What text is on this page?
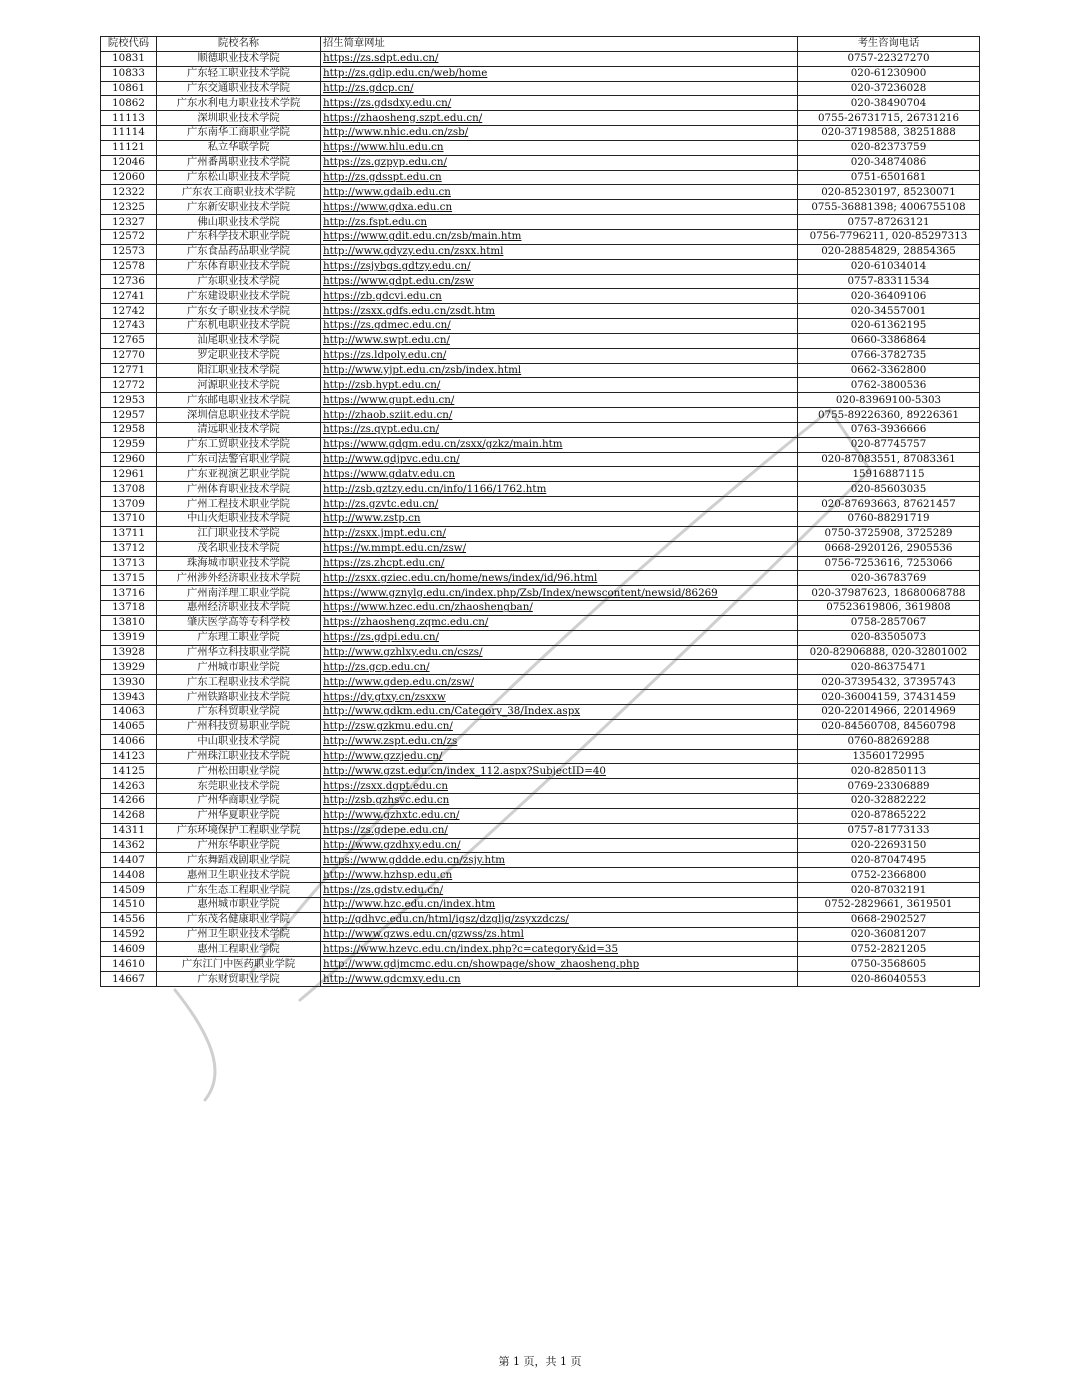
院校代码	院校名称	招生简章网址	考生咨询电话
10831	顺德职业技术学院	https://zs.sdpt.edu.cn/	0757-22327270
10833	广东轻工职业技术学院	http://zs.gdip.edu.cn/web/home	020-61230900
10861	广东交通职业技术学院	http://zs.gdcp.cn/	020-37236028
10862	广东水利电力职业技术学院	https://zs.gdsdxy.edu.cn/	020-38490704
11113	深圳职业技术学院	https://zhaosheng.szpt.edu.cn/	0755-26731715, 26731216
11114	广东南华工商职业学院	http://www.nhic.edu.cn/zsb/	020-37198588, 38251888
11121	私立华联学院	https://www.hlu.edu.cn	020-82373759
12046	广州番禺职业技术学院	https://zs.gzpyp.edu.cn/	020-34874086
12060	广东松山职业技术学院	http://zs.gdsspt.edu.cn	0751-6501681
12322	广东农工商职业技术学院	http://www.gdaib.edu.cn	020-85230197, 85230071
12325	广东新安职业技术学院	https://www.gdxa.edu.cn	0755-36881398; 4006755108
12327	佛山职业技术学院	http://zs.fspt.edu.cn	0757-87263121
12572	广东科学技术职业学院	https://www.gdit.edu.cn/zsb/main.htm	0756-7796211, 020-85297313
12573	广东食品药品职业学院	http://www.gdyzy.edu.cn/zsxx.html	020-28854829, 28854365
12578	广东体育职业技术学院	https://zsjybgs.gdtzy.edu.cn/	020-61034014
12736	广东职业技术学院	https://www.gdpt.edu.cn/zsw	0757-83311534
12741	广东建设职业技术学院	https://zb.gdcvi.edu.cn	020-36409106
12742	广东女子职业技术学院	https://zsxx.gdfs.edu.cn/zsdt.htm	020-34557001
12743	广东机电职业技术学院	https://zs.gdmec.edu.cn/	020-61362195
12765	汕尾职业技术学院	http://www.swpt.edu.cn/	0660-3386864
12770	罗定职业技术学院	https://zs.ldpoly.edu.cn/	0766-3782735
12771	阳江职业技术学院	http://www.yjpt.edu.cn/zsb/index.html	0662-3362800
12772	河源职业技术学院	http://zsb.hypt.edu.cn/	0762-3800536
12953	广东邮电职业技术学院	https://www.gupt.edu.cn/	020-83969100-5303
12957	深圳信息职业技术学院	http://zhaob.sziit.edu.cn/	0755-89226360, 89226361
12958	清远职业技术学院	https://zs.qypt.edu.cn/	0763-3936666
12959	广东工贸职业技术学院	https://www.gdgm.edu.cn/zsxx/gzkz/main.htm	020-87745757
12960	广东司法警官职业学院	http://www.gdjpvc.edu.cn/	020-87083551, 87083361
12961	广东亚视演艺职业学院	https://www.gdatv.edu.cn	15916887115
13708	广州体育职业技术学院	http://zsb.gztzy.edu.cn/info/1166/1762.htm	020-85603035
13709	广州工程技术职业学院	http://zs.gzvtc.edu.cn/	020-87693663, 87621457
13710	中山火炬职业技术学院	http://www.zstp.cn	0760-88291719
13711	江门职业技术学院	http://zsxx.jmpt.edu.cn/	0750-3725908, 3725289
13712	茂名职业技术学院	https://w.mmpt.edu.cn/zsw/	0668-2920126, 2905536
13713	珠海城市职业技术学院	https://zs.zhcpt.edu.cn/	0756-7253616, 7253066
13715	广州涉外经济职业技术学院	http://zsxx.gziec.edu.cn/home/news/index/id/96.html	020-36783769
13716	广州南洋理工职业学院	https://www.gznylg.edu.cn/index.php/Zsb/Index/newscontent/newsid/86269	020-37987623, 18680068788
13718	惠州经济职业技术学院	https://www.hzec.edu.cn/zhaoshengban/	07523619806, 3619808
13810	肇庆医学高等专科学校	https://zhaosheng.zqmc.edu.cn/	0758-2857067
13919	广东理工职业学院	https://zs.gdpi.edu.cn/	020-83505073
13928	广州华立科技职业学院	http://www.gzhlxy.edu.cn/cszs/	020-82906888, 020-32801002
13929	广州城市职业学院	http://zs.gcp.edu.cn/	020-86375471
13930	广东工程职业技术学院	http://www.gdep.edu.cn/zsw/	020-37395432, 37395743
13943	广州铁路职业技术学院	https://dy.gtxy.cn/zsxxw	020-36004159, 37431459
14063	广东科贸职业学院	http://www.gdkm.edu.cn/Category_38/Index.aspx	020-22014966, 22014969
14065	广州科技贸易职业学院	http://zsw.gzkmu.edu.cn/	020-84560708, 84560798
14066	中山职业技术学院	http://www.zspt.edu.cn/zs	0760-88269288
14123	广州珠江职业技术学院	http://www.gzzjedu.cn/	13560172995
14125	广州松田职业学院	http://www.gzst.edu.cn/index_112.aspx?SubjectID=40	020-82850113
14263	东莞职业技术学院	https://zsxx.dgpt.edu.cn	0769-23306889
14266	广州华商职业学院	http://zsb.gzhsvc.edu.cn	020-32882222
14268	广州华夏职业学院	http://www.gzhxtc.edu.cn/	020-87865222
14311	广东环境保护工程职业学院	https://zs.gdepe.edu.cn/	0757-81773133
14362	广州东华职业学院	http://www.gzdhxy.edu.cn/	020-22693150
14407	广东舞蹈戏剧职业学院	https://www.gddde.edu.cn/zsjy.htm	020-87047495
14408	惠州卫生职业技术学院	http://www.hzhsp.edu.cn	0752-2366800
14509	广东生态工程职业学院	https://zs.gdstv.edu.cn/	020-87032191
14510	惠州城市职业学院	http://www.hzc.edu.cn/index.htm	0752-2829661, 3619501
14556	广东茂名健康职业学院	http://gdhvc.edu.cn/html/igsz/dzgljg/zsyxzdczs/	0668-2902527
14592	广州卫生职业技术学院	http://www.gzws.edu.cn/gzwss/zs.html	020-36081207
14609	惠州工程职业学院	https://www.hzevc.edu.cn/index.php?c=category&id=35	0752-2821205
14610	广东江门中医药职业学院	http://www.gdjmcmc.edu.cn/showpage/show_zhaosheng.php	0750-3568605
14667	广东财贸职业学院	http://www.gdcmxy.edu.cn	020-86040553
第 1 页，共 1 页
